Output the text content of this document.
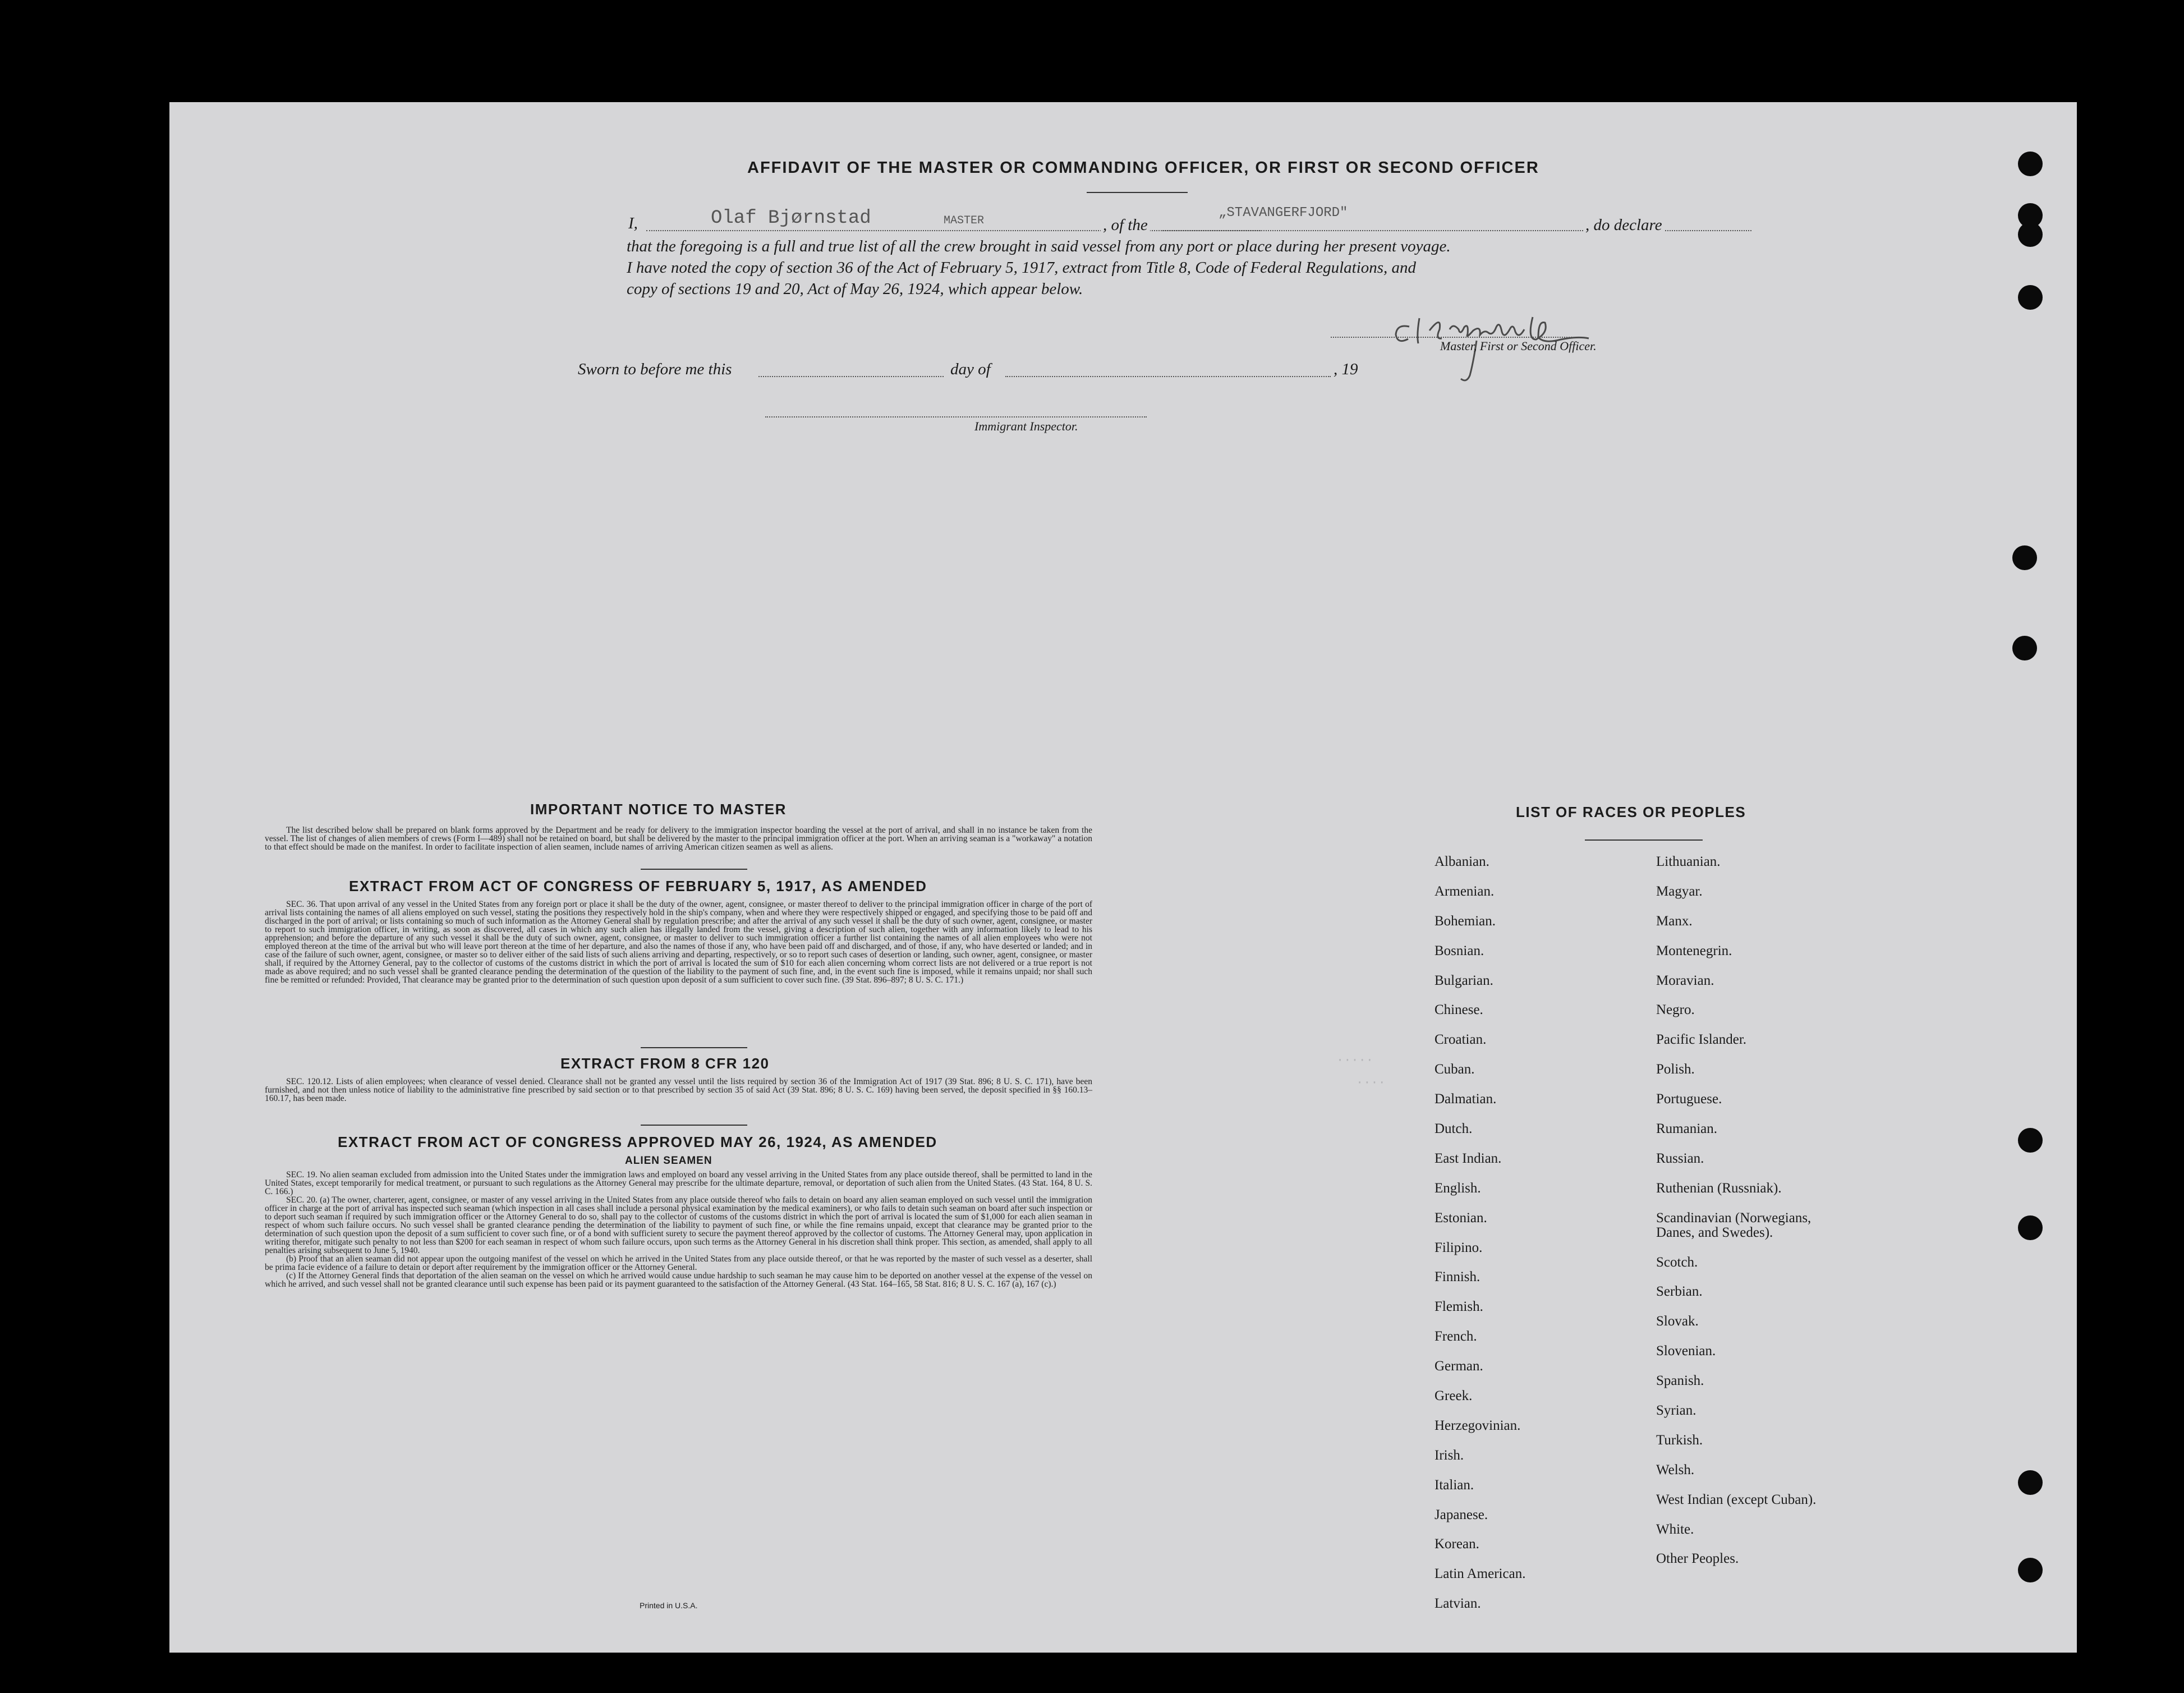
AFFIDAVIT OF THE MASTER OR COMMANDING OFFICER, OR FIRST OR SECOND OFFICER
I,	Olaf Bjørnstad	MASTER	, of the
„STAVANGERFJORD"
, do declare
that the foregoing is a full and true list of all the crew brought in said vessel from any port or place during her present voyage.
I have noted the copy of section 36 of the Act of February 5, 1917, extract from Title 8, Code of Federal Regulations, and
copy of sections 19 and 20, Act of May 26, 1924, which appear below.
Master, First or Second Officer.
Sworn to before me this	day of	, 19
Immigrant Inspector.
IMPORTANT NOTICE TO MASTER

The list described below shall be prepared on blank forms approved by the Department and be ready for delivery to the immigration inspector boarding the vessel at the port of arrival, and shall in no instance be taken from the vessel. The list of changes of alien members of crews (Form I—489) shall not be retained on board, but shall be delivered by the master to the principal immigration officer at the port. When an arriving seaman is a "workaway" a notation to that effect should be made on the manifest. In order to facilitate inspection of alien seamen, include names of arriving American citizen seamen as well as aliens.

EXTRACT FROM ACT OF CONGRESS OF FEBRUARY 5, 1917, AS AMENDED

SEC. 36. That upon arrival of any vessel in the United States from any foreign port or place it shall be the duty of the owner, agent, consignee, or master thereof to deliver to the principal immigration officer in charge of the port of arrival lists containing the names of all aliens employed on such vessel, stating the positions they respectively hold in the ship's company, when and where they were respectively shipped or engaged, and specifying those to be paid off and discharged in the port of arrival; or lists containing so much of such information as the Attorney General shall by regulation prescribe; and after the arrival of any such vessel it shall be the duty of such owner, agent, consignee, or master to report to such immigration officer, in writing, as soon as discovered, all cases in which any such alien has illegally landed from the vessel, giving a description of such alien, together with any information likely to lead to his apprehension; and before the departure of any such vessel it shall be the duty of such owner, agent, consignee, or master to deliver to such immigration officer a further list containing the names of all alien employees who were not employed thereon at the time of the arrival but who will leave port thereon at the time of her departure, and also the names of those if any, who have been paid off and discharged, and of those, if any, who have deserted or landed; and in case of the failure of such owner, agent, consignee, or master so to deliver either of the said lists of such aliens arriving and departing, respectively, or so to report such cases of desertion or landing, such owner, agent, consignee, or master shall, if required by the Attorney General, pay to the collector of customs of the customs district in which the port of arrival is located the sum of $10 for each alien concerning whom correct lists are not delivered or a true report is not made as above required; and no such vessel shall be granted clearance pending the determination of the question of the liability to the payment of such fine, and, in the event such fine is imposed, while it remains unpaid; nor shall such fine be remitted or refunded: Provided, That clearance may be granted prior to the determination of such question upon deposit of a sum sufficient to cover such fine. (39 Stat. 896–897; 8 U. S. C. 171.)

EXTRACT FROM 8 CFR 120

SEC. 120.12. Lists of alien employees; when clearance of vessel denied. Clearance shall not be granted any vessel until the lists required by section 36 of the Immigration Act of 1917 (39 Stat. 896; 8 U. S. C. 171), have been furnished, and not then unless notice of liability to the administrative fine prescribed by said section or to that prescribed by section 35 of said Act (39 Stat. 896; 8 U. S. C. 169) having been served, the deposit specified in §§ 160.13–160.17, has been made.

EXTRACT FROM ACT OF CONGRESS APPROVED MAY 26, 1924, AS AMENDED
ALIEN SEAMEN

SEC. 19. No alien seaman excluded from admission into the United States under the immigration laws and employed on board any vessel arriving in the United States from any place outside thereof, shall be permitted to land in the United States, except temporarily for medical treatment, or pursuant to such regulations as the Attorney General may prescribe for the ultimate departure, removal, or deportation of such alien from the United States. (43 Stat. 164, 8 U. S. C. 166.)

SEC. 20. (a) The owner, charterer, agent, consignee, or master of any vessel arriving in the United States from any place outside thereof who fails to detain on board any alien seaman employed on such vessel until the immigration officer in charge at the port of arrival has inspected such seaman (which inspection in all cases shall include a personal physical examination by the medical examiners), or who fails to detain such seaman on board after such inspection or to deport such seaman if required by such immigration officer or the Attorney General to do so, shall pay to the collector of customs of the customs district in which the port of arrival is located the sum of $1,000 for each alien seaman in respect of whom such failure occurs. No such vessel shall be granted clearance pending the determination of the liability to payment of such fine, or while the fine remains unpaid, except that clearance may be granted prior to the determination of such question upon the deposit of a sum sufficient to cover such fine, or of a bond with sufficient surety to secure the payment thereof approved by the collector of customs. The Attorney General may, upon application in writing therefor, mitigate such penalty to not less than $200 for each seaman in respect of whom such failure occurs, upon such terms as the Attorney General in his discretion shall think proper. This section, as amended, shall apply to all penalties arising subsequent to June 5, 1940.

(b) Proof that an alien seaman did not appear upon the outgoing manifest of the vessel on which he arrived in the United States from any place outside thereof, or that he was reported by the master of such vessel as a deserter, shall be prima facie evidence of a failure to detain or deport after requirement by the immigration officer or the Attorney General.

(c) If the Attorney General finds that deportation of the alien seaman on the vessel on which he arrived would cause undue hardship to such seaman he may cause him to be deported on another vessel at the expense of the vessel on which he arrived, and such vessel shall not be granted clearance until such expense has been paid or its payment guaranteed to the satisfaction of the Attorney General. (43 Stat. 164–165, 58 Stat. 816; 8 U. S. C. 167 (a), 167 (c).)

Printed in U.S.A.
LIST OF RACES OR PEOPLES
Albanian.
Armenian.
Bohemian.
Bosnian.
Bulgarian.
Chinese.
Croatian.
Cuban.
Dalmatian.
Dutch.
East Indian.
English.
Estonian.
Filipino.
Finnish.
Flemish.
French.
German.
Greek.
Herzegovinian.
Irish.
Italian.
Japanese.
Korean.
Latin American.
Latvian.
Lithuanian.
Magyar.
Manx.
Montenegrin.
Moravian.
Negro.
Pacific Islander.
Polish.
Portuguese.
Rumanian.
Russian.
Ruthenian (Russniak).
Scandinavian (Norwegians,
Danes, and Swedes).
Scotch.
Serbian.
Slovak.
Slovenian.
Spanish.
Syrian.
Turkish.
Welsh.
West Indian (except Cuban).
White.
Other Peoples.
·····
····
